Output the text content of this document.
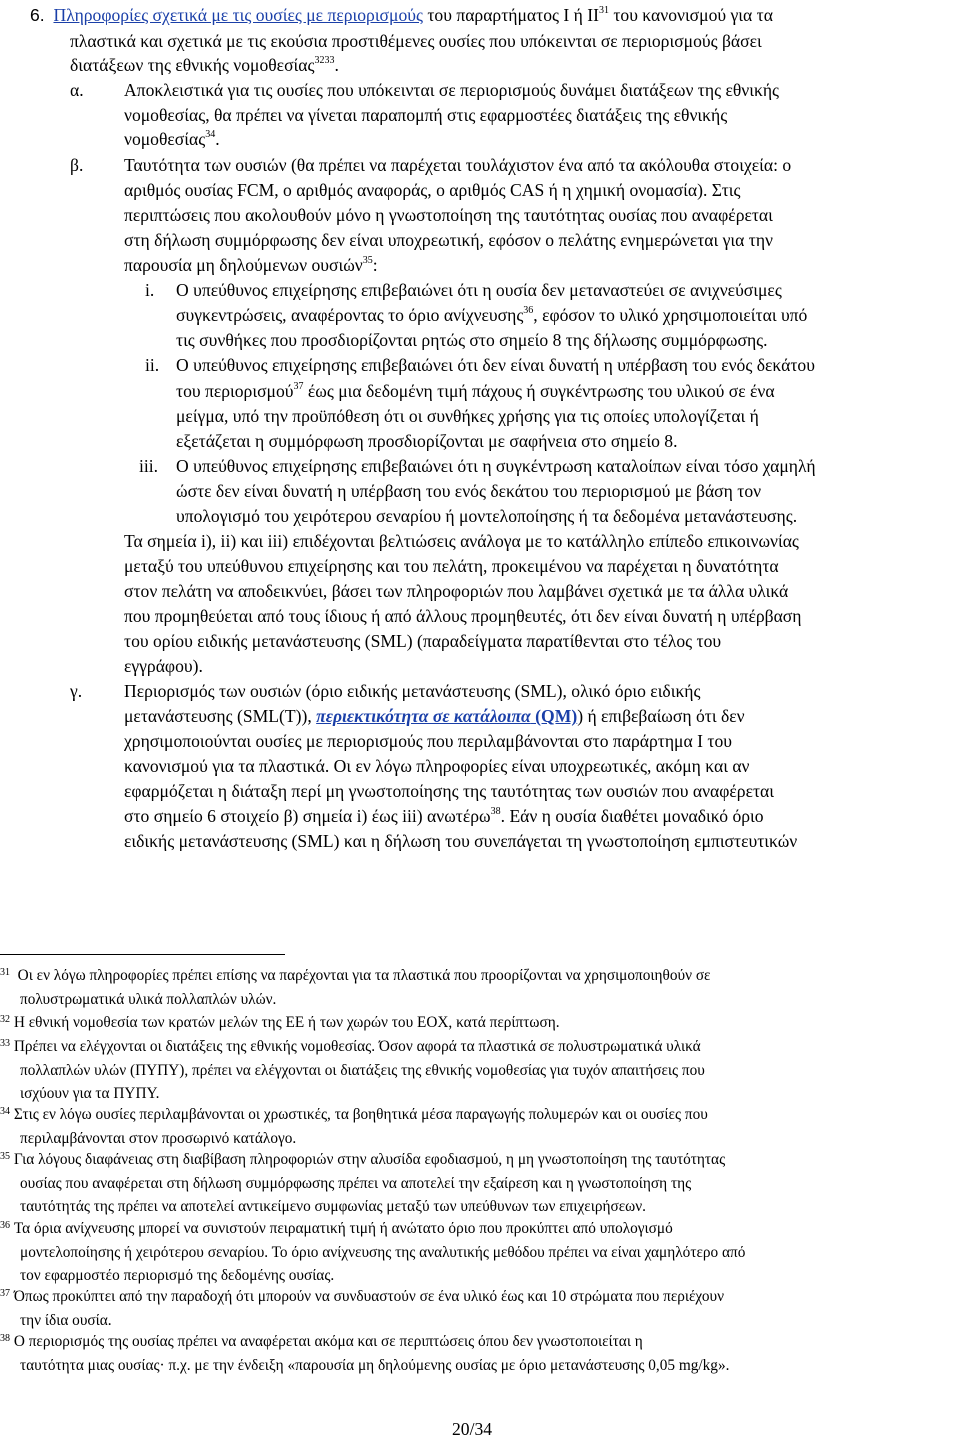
6. Πληροφορίες σχετικά με τις ουσίες με περιορισμούς του παραρτήματος Ι ή ΙΙ$^{31}$ του κανονισμού για τα
πλαστικά και σχετικά με τις εκούσια προστιθέμενες ουσίες που υπόκεινται σε περιορισμούς βάσει
διατάξεων της εθνικής νομοθεσίας$^{3233}$.
α. Αποκλειστικά για τις ουσίες που υπόκεινται σε περιορισμούς δυνάμει διατάξεων της εθνικής
νομοθεσίας, θα πρέπει να γίνεται παραπομπή στις εφαρμοστέες διατάξεις της εθνικής
νομοθεσίας$^{34}$.
β. Ταυτότητα των ουσιών (θα πρέπει να παρέχεται τουλάχιστον ένα από τα ακόλουθα στοιχεία: ο
αριθμός ουσίας FCM, ο αριθμός αναφοράς, ο αριθμός CAS ή η χημική ονομασία). Στις
περιπτώσεις που ακολουθούν μόνο η γνωστοποίηση της ταυτότητας ουσίας που αναφέρεται
στη δήλωση συμμόρφωσης δεν είναι υποχρεωτική, εφόσον ο πελάτης ενημερώνεται για την
παρουσία μη δηλούμενων ουσιών$^{35}$:
i. Ο υπεύθυνος επιχείρησης επιβεβαιώνει ότι η ουσία δεν μεταναστεύει σε ανιχνεύσιμες
συγκεντρώσεις, αναφέροντας το όριο ανίχνευσης$^{36}$, εφόσον το υλικό χρησιμοποιείται υπό
τις συνθήκες που προσδιορίζονται ρητώς στο σημείο 8 της δήλωσης συμμόρφωσης.
ii. Ο υπεύθυνος επιχείρησης επιβεβαιώνει ότι δεν είναι δυνατή η υπέρβαση του ενός δεκάτου
του περιορισμού$^{37}$ έως μια δεδομένη τιμή πάχους ή συγκέντρωσης του υλικού σε ένα
μείγμα, υπό την προϋπόθεση ότι οι συνθήκες χρήσης για τις οποίες υπολογίζεται ή
εξετάζεται η συμμόρφωση προσδιορίζονται με σαφήνεια στο σημείο 8.
iii. Ο υπεύθυνος επιχείρησης επιβεβαιώνει ότι η συγκέντρωση καταλοίπων είναι τόσο χαμηλή
ώστε δεν είναι δυνατή η υπέρβαση του ενός δεκάτου του περιορισμού με βάση τον
υπολογισμό του χειρότερου σεναρίου ή μοντελοποίησης ή τα δεδομένα μετανάστευσης.
Τα σημεία i), ii) και iii) επιδέχονται βελτιώσεις ανάλογα με το κατάλληλο επίπεδο επικοινωνίας
μεταξύ του υπεύθυνου επιχείρησης και του πελάτη, προκειμένου να παρέχεται η δυνατότητα
στον πελάτη να αποδεικνύει, βάσει των πληροφοριών που λαμβάνει σχετικά με τα άλλα υλικά
που προμηθεύεται από τους ίδιους ή από άλλους προμηθευτές, ότι δεν είναι δυνατή η υπέρβαση
του ορίου ειδικής μετανάστευσης (SML) (παραδείγματα παρατίθενται στο τέλος του
εγγράφου).
γ. Περιορισμός των ουσιών (όριο ειδικής μετανάστευσης (SML), ολικό όριο ειδικής
μετανάστευσης (SML(T)), περιεκτικότητα σε κατάλοιπα (QM)) ή επιβεβαίωση ότι δεν
χρησιμοποιούνται ουσίες με περιορισμούς που περιλαμβάνονται στο παράρτημα Ι του
κανονισμού για τα πλαστικά. Οι εν λόγω πληροφορίες είναι υποχρεωτικές, ακόμη και αν
εφαρμόζεται η διάταξη περί μη γνωστοποίησης της ταυτότητας των ουσιών που αναφέρεται
στο σημείο 6 στοιχείο β) σημεία i) έως iii) ανωτέρω$^{38}$. Εάν η ουσία διαθέτει μοναδικό όριο
ειδικής μετανάστευσης (SML) και η δήλωση του συνεπάγεται τη γνωστοποίηση εμπιστευτικών
$^{31}$ Οι εν λόγω πληροφορίες πρέπει επίσης να παρέχονται για τα πλαστικά που προορίζονται να χρησιμοποιηθούν σε
πολυστρωματικά υλικά πολλαπλών υλών.
$^{32}$ Η εθνική νομοθεσία των κρατών μελών της ΕΕ ή των χωρών του ΕΟΧ, κατά περίπτωση.
$^{33}$ Πρέπει να ελέγχονται οι διατάξεις της εθνικής νομοθεσίας. Όσον αφορά τα πλαστικά σε πολυστρωματικά υλικά
πολλαπλών υλών (ΠΥΠΥ), πρέπει να ελέγχονται οι διατάξεις της εθνικής νομοθεσίας για τυχόν απαιτήσεις που
ισχύουν για τα ΠΥΠΥ.
$^{34}$ Στις εν λόγω ουσίες περιλαμβάνονται οι χρωστικές, τα βοηθητικά μέσα παραγωγής πολυμερών και οι ουσίες που
περιλαμβάνονται στον προσωρινό κατάλογο.
$^{35}$ Για λόγους διαφάνειας στη διαβίβαση πληροφοριών στην αλυσίδα εφοδιασμού, η μη γνωστοποίηση της ταυτότητας
ουσίας που αναφέρεται στη δήλωση συμμόρφωσης πρέπει να αποτελεί την εξαίρεση και η γνωστοποίηση της
ταυτότητάς της πρέπει να αποτελεί αντικείμενο συμφωνίας μεταξύ των υπεύθυνων των επιχειρήσεων.
$^{36}$ Τα όρια ανίχνευσης μπορεί να συνιστούν πειραματική τιμή ή ανώτατο όριο που προκύπτει από υπολογισμό
μοντελοποίησης ή χειρότερου σεναρίου. Το όριο ανίχνευσης της αναλυτικής μεθόδου πρέπει να είναι χαμηλότερο από
τον εφαρμοστέο περιορισμό της δεδομένης ουσίας.
$^{37}$ Όπως προκύπτει από την παραδοχή ότι μπορούν να συνδυαστούν σε ένα υλικό έως και 10 στρώματα που περιέχουν
την ίδια ουσία.
$^{38}$ Ο περιορισμός της ουσίας πρέπει να αναφέρεται ακόμα και σε περιπτώσεις όπου δεν γνωστοποιείται η
ταυτότητα μιας ουσίας· π.χ. με την ένδειξη «παρουσία μη δηλούμενης ουσίας με όριο μετανάστευσης 0,05 mg/kg».
20/34
